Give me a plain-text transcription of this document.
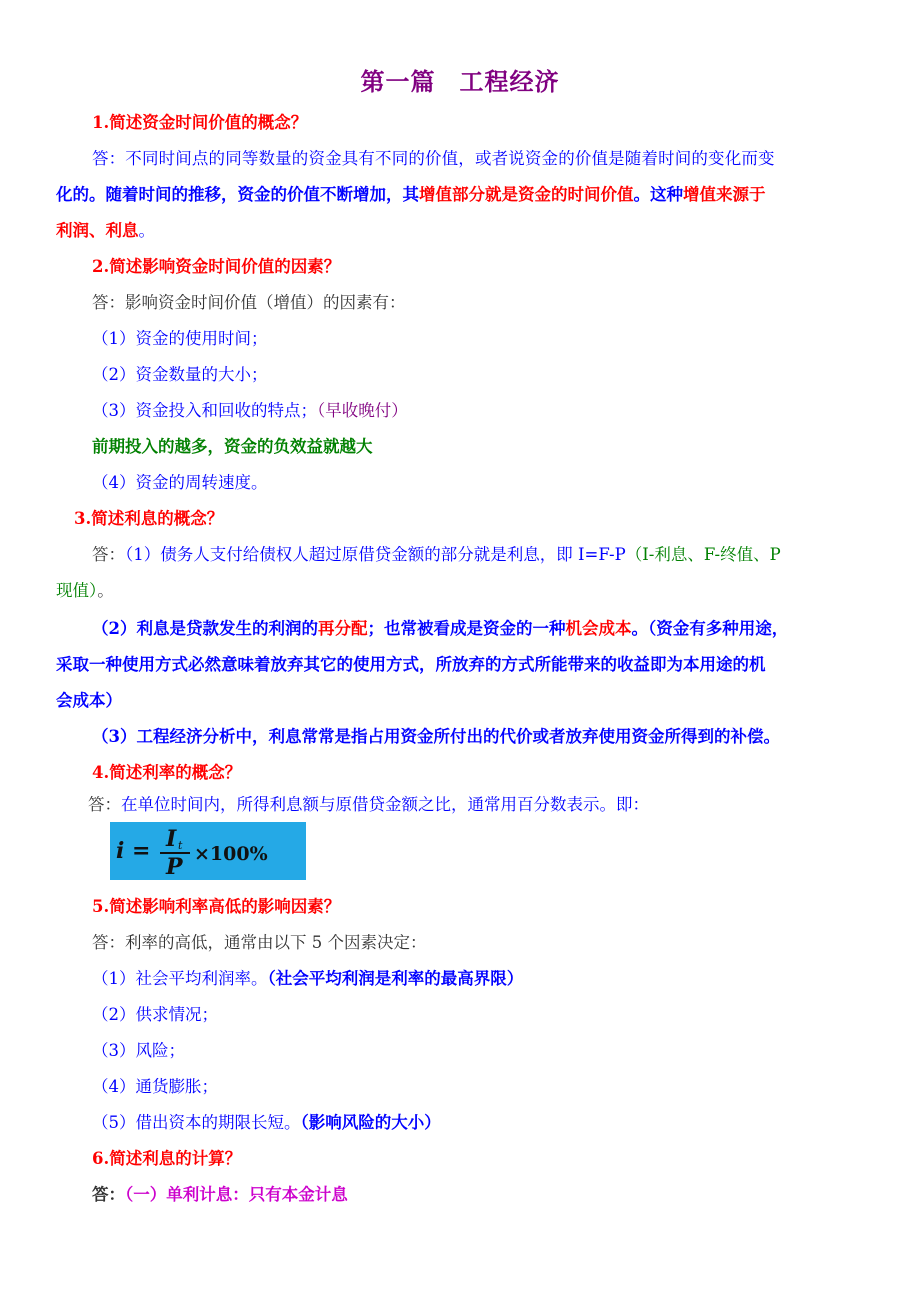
第一篇 工程经济
1.简述资金时间价值的概念？
答：不同时间点的同等数量的资金具有不同的价值，或者说资金的价值是随着时间的变化而变
化的。随着时间的推移，资金的价值不断增加，其增值部分就是资金的时间价值。这种增值来源于
利润、利息。
2.简述影响资金时间价值的因素？
答：影响资金时间价值（增值）的因素有：
（1）资金的使用时间；
（2）资金数量的大小；
（3）资金投入和回收的特点；（早收晚付）
前期投入的越多，资金的负效益就越大
（4）资金的周转速度。
3.简述利息的概念？
答：（1）债务人支付给债权人超过原借贷金额的部分就是利息，即 I=F-P（I-利息、F-终值、P
现值）。
（2）利息是贷款发生的利润的再分配；也常被看成是资金的一种机会成本。（资金有多种用途，
采取一种使用方式必然意味着放弃其它的使用方式，所放弃的方式所能带来的收益即为本用途的机
会成本）
（3）工程经济分析中，利息常常是指占用资金所付出的代价或者放弃使用资金所得到的补偿。
4.简述利率的概念？
答：在单位时间内，所得利息额与原借贷金额之比，通常用百分数表示。即：
i = I t
P ×100%
5.简述影响利率高低的影响因素？
答：利率的高低，通常由以下 5 个因素决定：
（1）社会平均利润率。（社会平均利润是利率的最高界限）
（2）供求情况；
（3）风险；
（4）通货膨胀；
（5）借出资本的期限长短。（影响风险的大小）
6.简述利息的计算？
答：（一）单利计息：只有本金计息
